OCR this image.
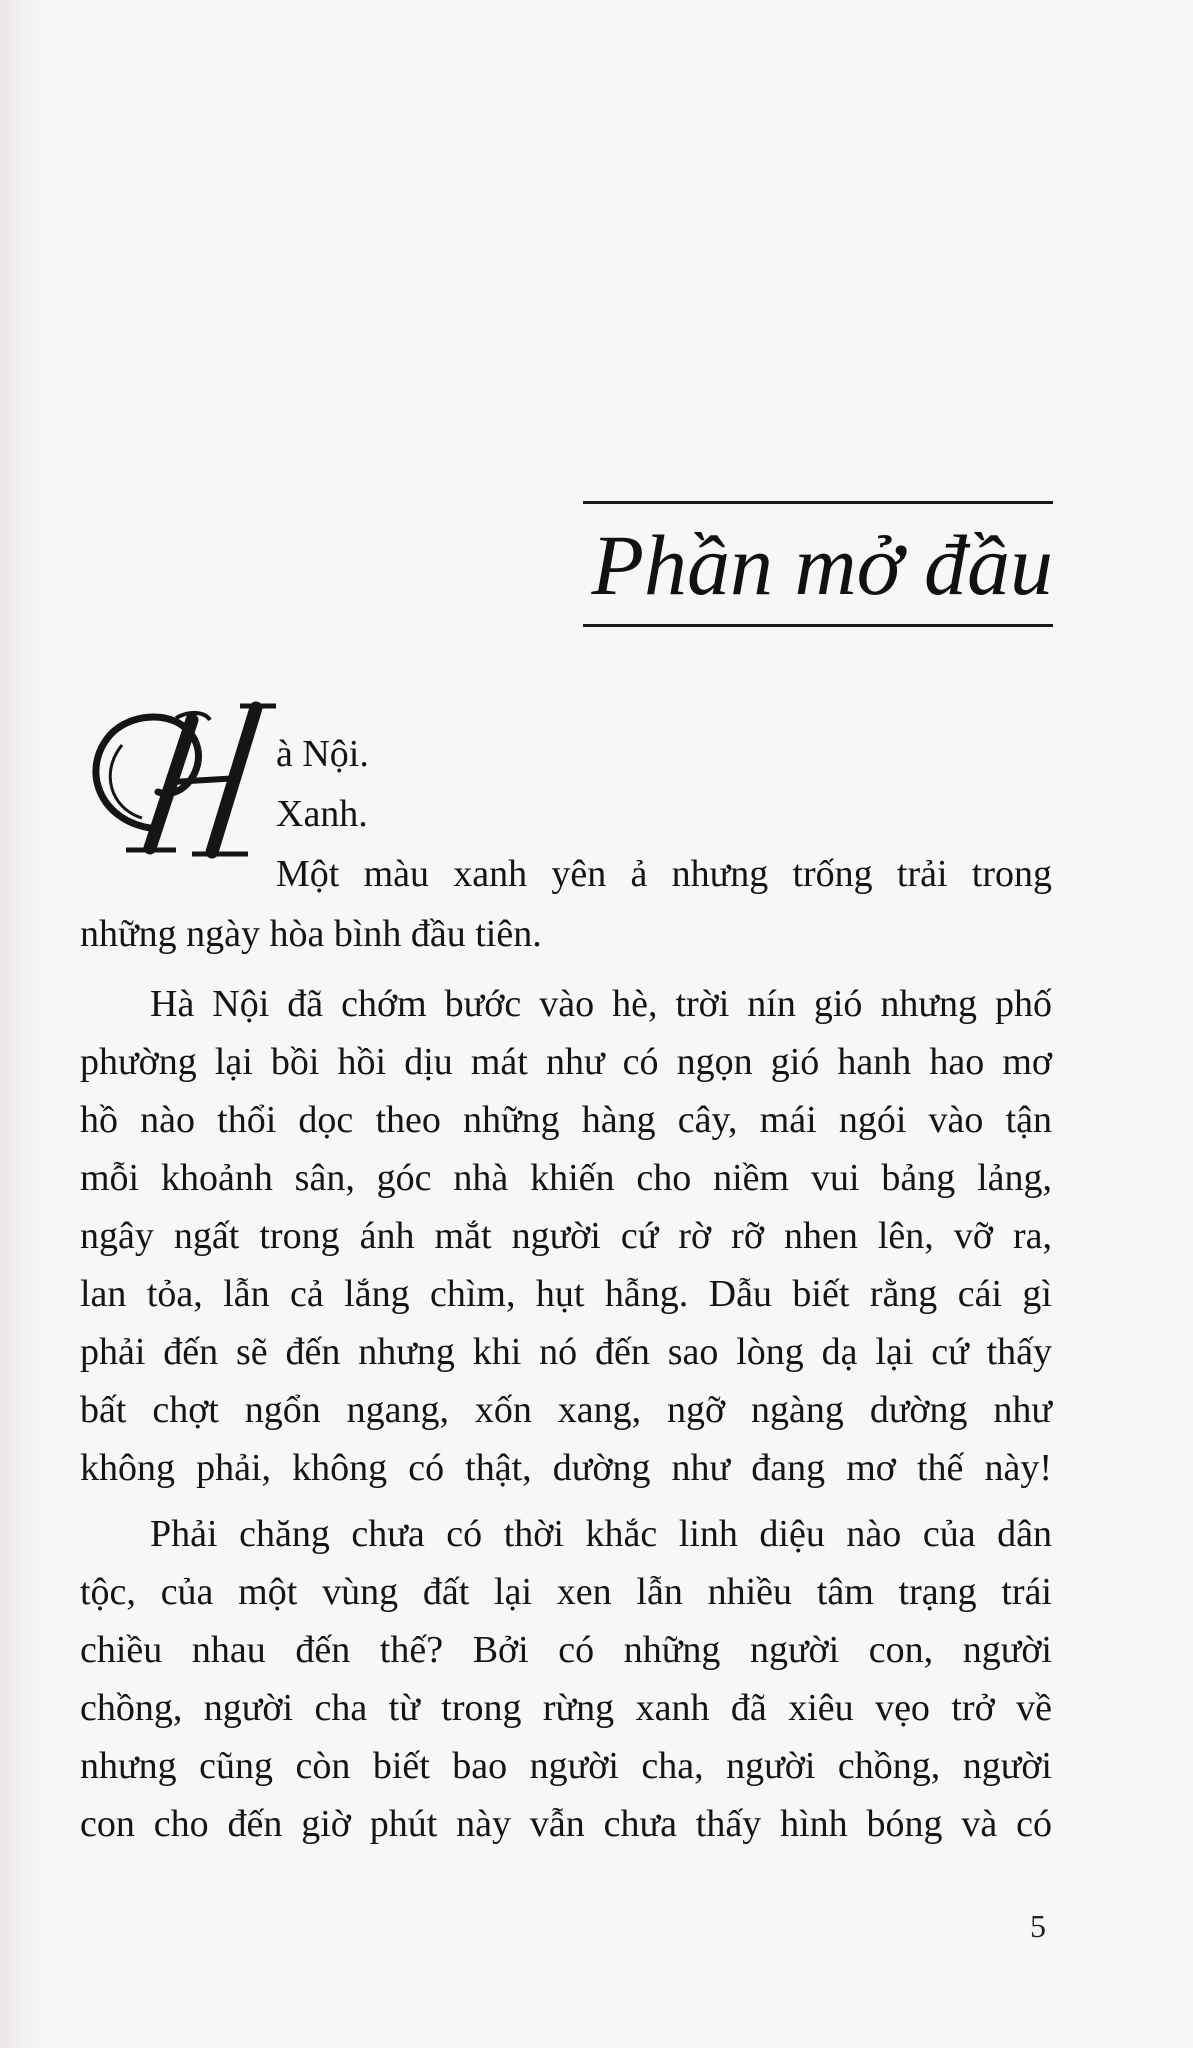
Phần mở đầu
à Nội.
Xanh.
Một màu xanh yên ả nhưng trống trải trong
những ngày hòa bình đầu tiên.
Hà Nội đã chớm bước vào hè, trời nín gió nhưng phố
phường lại bồi hồi dịu mát như có ngọn gió hanh hao mơ
hồ nào thổi dọc theo những hàng cây, mái ngói vào tận
mỗi khoảnh sân, góc nhà khiến cho niềm vui bảng lảng,
ngây ngất trong ánh mắt người cứ rờ rỡ nhen lên, vỡ ra,
lan tỏa, lẫn cả lắng chìm, hụt hẫng. Dẫu biết rằng cái gì
phải đến sẽ đến nhưng khi nó đến sao lòng dạ lại cứ thấy
bất chợt ngổn ngang, xốn xang, ngỡ ngàng dường như
không phải, không có thật, dường như đang mơ thế này!
Phải chăng chưa có thời khắc linh diệu nào của dân
tộc, của một vùng đất lại xen lẫn nhiều tâm trạng trái
chiều nhau đến thế? Bởi có những người con, người
chồng, người cha từ trong rừng xanh đã xiêu vẹo trở về
nhưng cũng còn biết bao người cha, người chồng, người
con cho đến giờ phút này vẫn chưa thấy hình bóng và có
5
